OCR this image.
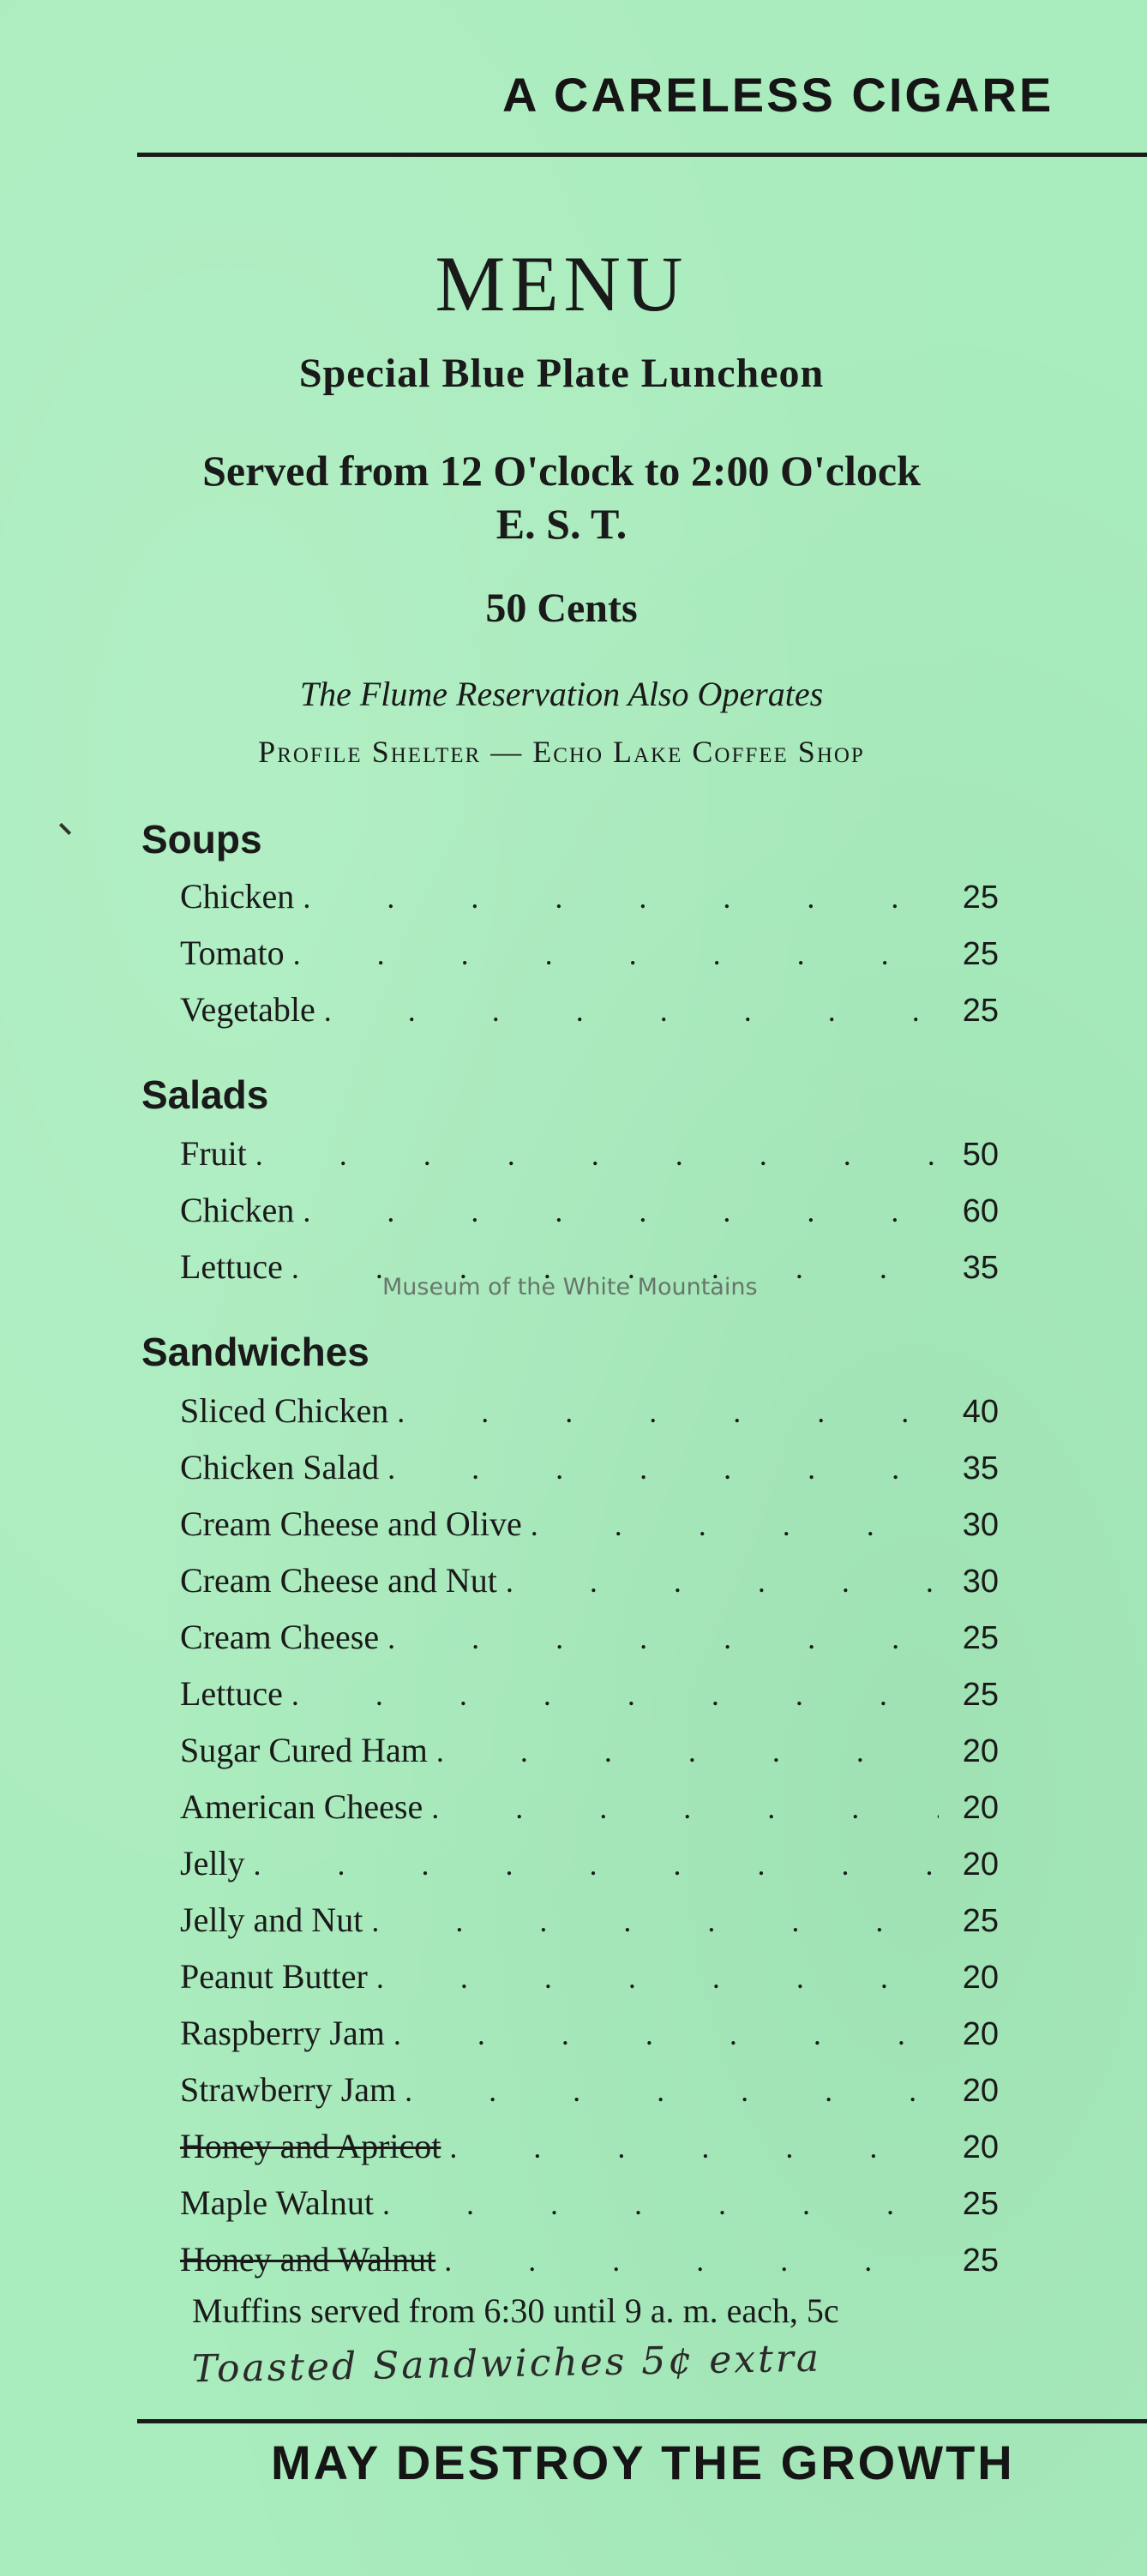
A CARELESS CIGARE
MENU
Special Blue Plate Luncheon
Served from 12 O'clock to 2:00 O'clock
E. S. T.
50 Cents
The Flume Reservation Also Operates
Profile Shelter — Echo Lake Coffee Shop
Soups
Chicken . . .	25
Tomato . . .	25
Vegetable . . .	25
Salads
Fruit . . .	50
Chicken . . .	60
Lettuce . . .	35
Museum of the White Mountains
Sandwiches
Sliced Chicken . . .	40
Chicken Salad . . .	35
Cream Cheese and Olive . . .	30
Cream Cheese and Nut . . .	30
Cream Cheese . . .	25
Lettuce . . .	25
Sugar Cured Ham . . .	20
American Cheese . . .	20
Jelly . . .	20
Jelly and Nut . . .	25
Peanut Butter . . .	20
Raspberry Jam . . .	20
Strawberry Jam . . .	20
Honey and Apricot . . .	20
Maple Walnut . . .	25
Honey and Walnut . . .	25
Muffins served from 6:30 until 9 a. m. each, 5c
Toasted Sandwiches 5¢ extra
MAY DESTROY THE GROWTH
